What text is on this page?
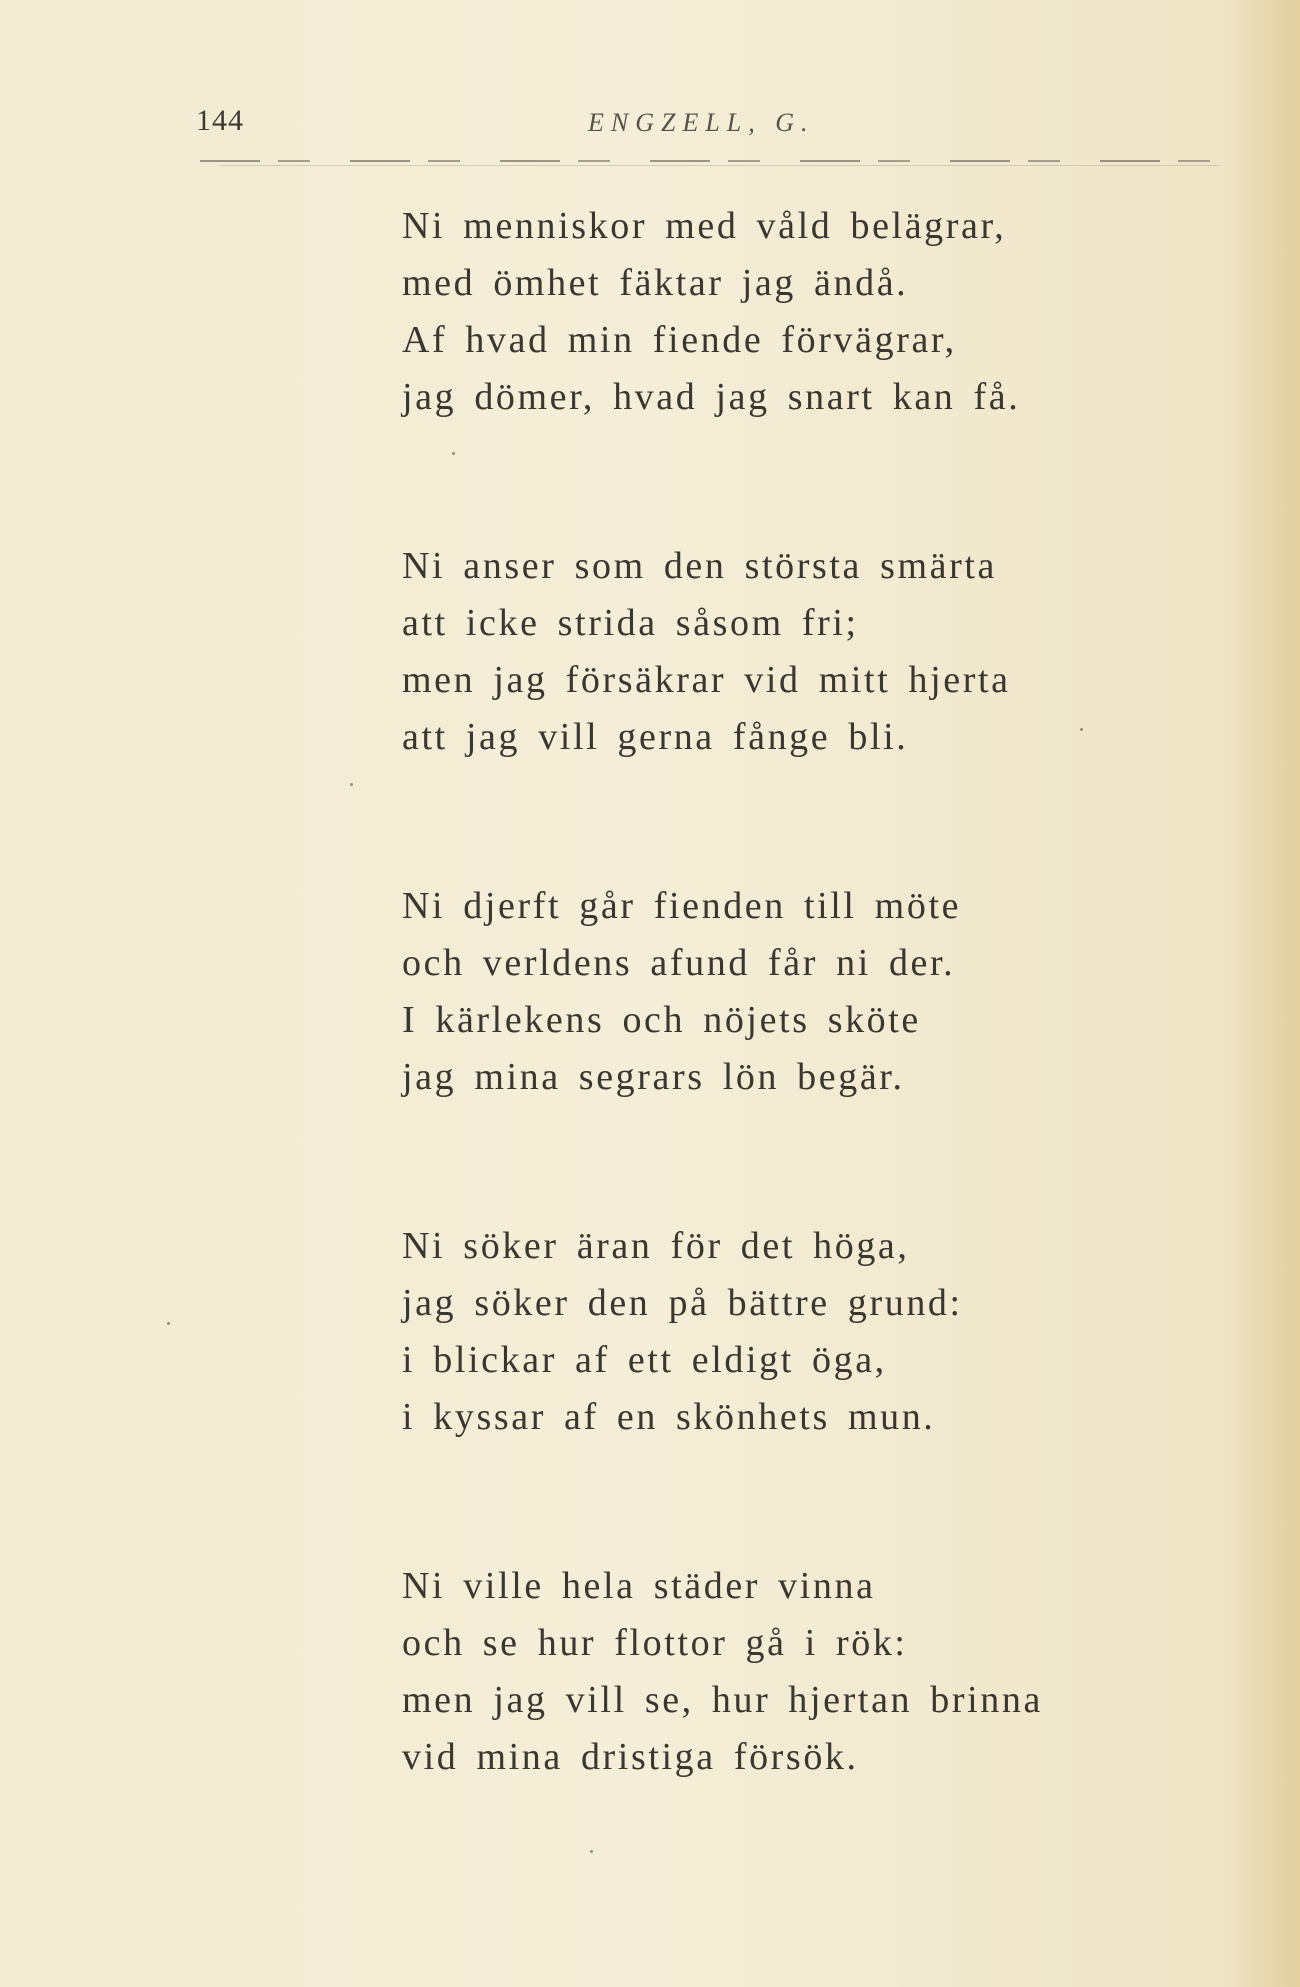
144	ENGZELL, G.
Ni menniskor med våld belägrar,
med ömhet fäktar jag ändå.
Af hvad min fiende förvägrar,
jag dömer, hvad jag snart kan få.
Ni anser som den största smärta
att icke strida såsom fri;
men jag försäkrar vid mitt hjerta
att jag vill gerna fånge bli.
Ni djerft går fienden till möte
och verldens afund får ni der.
I kärlekens och nöjets sköte
jag mina segrars lön begär.
Ni söker äran för det höga,
jag söker den på bättre grund:
i blickar af ett eldigt öga,
i kyssar af en skönhets mun.
Ni ville hela städer vinna
och se hur flottor gå i rök:
men jag vill se, hur hjertan brinna
vid mina dristiga försök.
